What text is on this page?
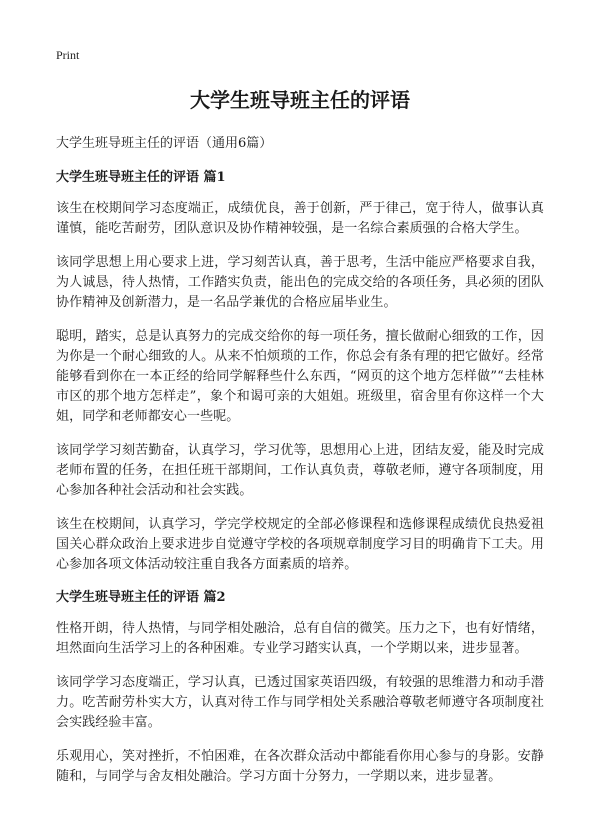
Print
大学生班导班主任的评语
大学生班导班主任的评语（通用6篇）
大学生班导班主任的评语 篇1

该生在校期间学习态度端正，成绩优良，善于创新，严于律己，宽于待人，做事认真谨慎，能吃苦耐劳，团队意识及协作精神较强，是一名综合素质强的合格大学生。

该同学思想上用心要求上进，学习刻苦认真，善于思考，生活中能应严格要求自我，为人诚恳，待人热情，工作踏实负责，能出色的完成交给的各项任务，具必须的团队协作精神及创新潜力，是一名品学兼优的合格应届毕业生。

聪明，踏实，总是认真努力的完成交给你的每一项任务，擅长做耐心细致的工作，因为你是一个耐心细致的人。从来不怕烦琐的工作，你总会有条有理的把它做好。经常能够看到你在一本正经的给同学解释些什么东西，“网页的这个地方怎样做”“去桂林市区的那个地方怎样走”，象个和谒可亲的大姐姐。班级里，宿舍里有你这样一个大姐，同学和老师都安心一些呢。

该同学学习刻苦勤奋，认真学习，学习优等，思想用心上进，团结友爱，能及时完成老师布置的任务，在担任班干部期间，工作认真负责，尊敬老师，遵守各项制度，用心参加各种社会活动和社会实践。

该生在校期间，认真学习，学完学校规定的全部必修课程和选修课程成绩优良热爱祖国关心群众政治上要求进步自觉遵守学校的各项规章制度学习目的明确肯下工夫。用心参加各项文体活动较注重自我各方面素质的培养。

大学生班导班主任的评语 篇2

性格开朗，待人热情，与同学相处融洽，总有自信的微笑。压力之下，也有好情绪，坦然面向生活学习上的各种困难。专业学习踏实认真，一个学期以来，进步显著。

该同学学习态度端正，学习认真，已透过国家英语四级，有较强的思维潜力和动手潜力。吃苦耐劳朴实大方，认真对待工作与同学相处关系融洽尊敬老师遵守各项制度社会实践经验丰富。

乐观用心，笑对挫折，不怕困难，在各次群众活动中都能看你用心参与的身影。安静随和，与同学与舍友相处融洽。学习方面十分努力，一学期以来，进步显著。
